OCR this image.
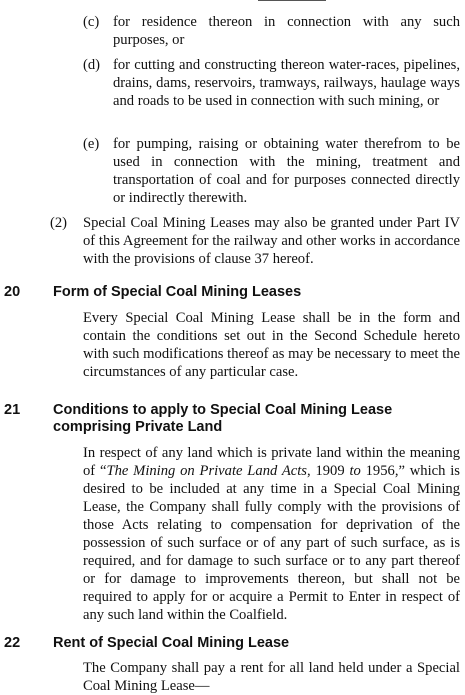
(c) for residence thereon in connection with any such purposes, or
(d) for cutting and constructing thereon water-races, pipelines, drains, dams, reservoirs, tramways, railways, haulage ways and roads to be used in connection with such mining, or
(e) for pumping, raising or obtaining water therefrom to be used in connection with the mining, treatment and transportation of coal and for purposes connected directly or indirectly therewith.
(2)	Special Coal Mining Leases may also be granted under Part IV of this Agreement for the railway and other works in accordance with the provisions of clause 37 hereof.
20 Form of Special Coal Mining Leases
Every Special Coal Mining Lease shall be in the form and contain the conditions set out in the Second Schedule hereto with such modifications thereof as may be necessary to meet the circumstances of any particular case.
21 Conditions to apply to Special Coal Mining Lease comprising Private Land
In respect of any land which is private land within the meaning of “The Mining on Private Land Acts, 1909 to 1956,” which is desired to be included at any time in a Special Coal Mining Lease, the Company shall fully comply with the provisions of those Acts relating to compensation for deprivation of the possession of such surface or of any part of such surface, as is required, and for damage to such surface or to any part thereof or for damage to improvements thereon, but shall not be required to apply for or acquire a Permit to Enter in respect of any such land within the Coalfield.
22 Rent of Special Coal Mining Lease
The Company shall pay a rent for all land held under a Special Coal Mining Lease—
